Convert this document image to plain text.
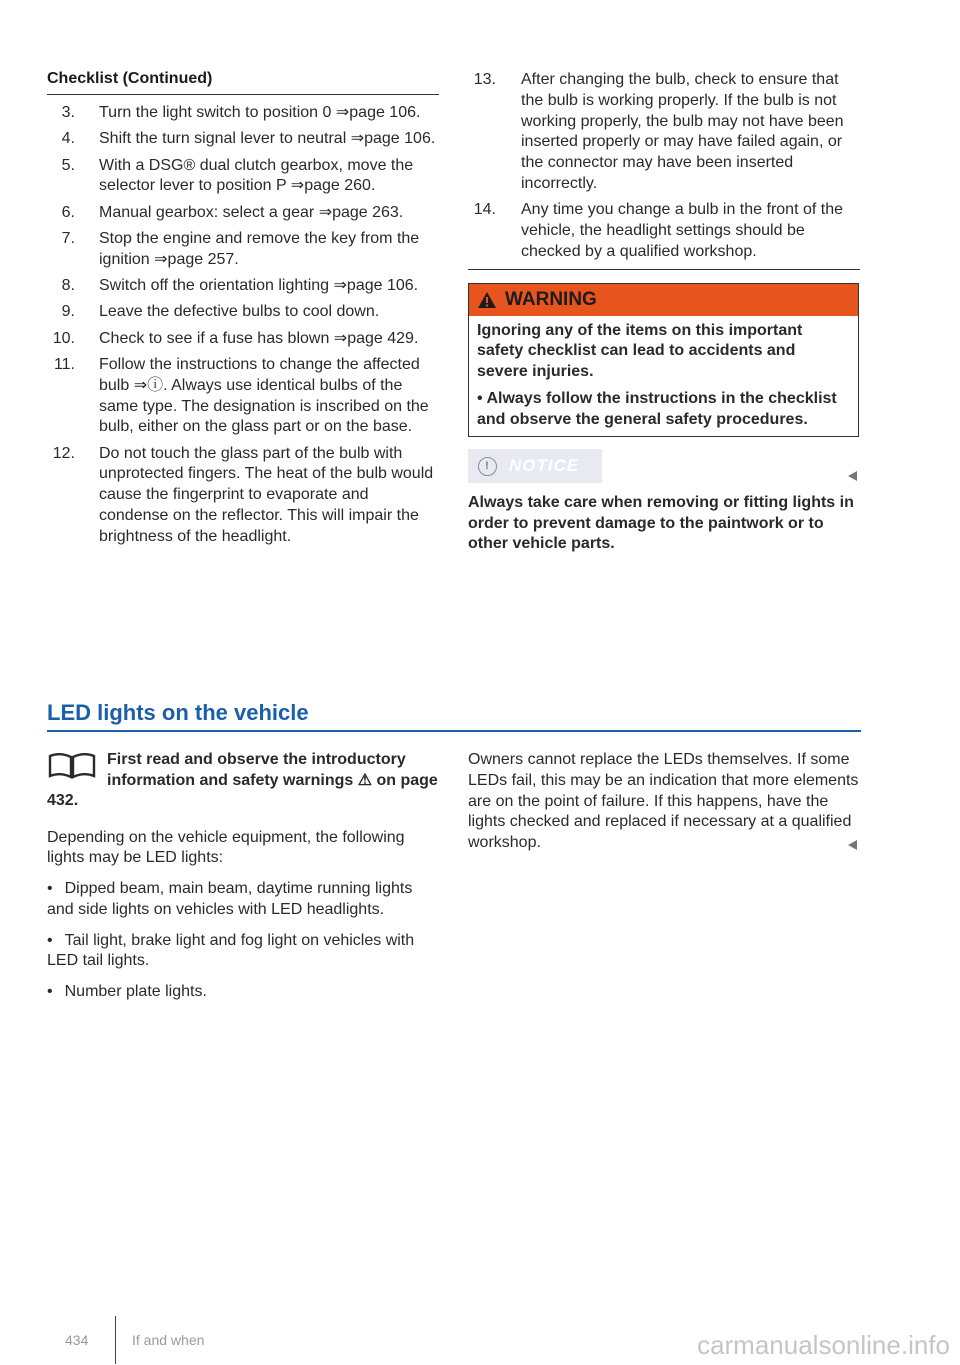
Checklist (Continued)
3. Turn the light switch to position 0 ⇒page 106.
4. Shift the turn signal lever to neutral ⇒page 106.
5. With a DSG® dual clutch gearbox, move the selector lever to position P ⇒page 260.
6. Manual gearbox: select a gear ⇒page 263.
7. Stop the engine and remove the key from the ignition ⇒page 257.
8. Switch off the orientation lighting ⇒page 106.
9. Leave the defective bulbs to cool down.
10. Check to see if a fuse has blown ⇒page 429.
11. Follow the instructions to change the affected bulb ⇒ⓘ. Always use identical bulbs of the same type. The designation is inscribed on the bulb, either on the glass part or on the base.
12. Do not touch the glass part of the bulb with unprotected fingers. The heat of the bulb would cause the fingerprint to evaporate and condense on the reflector. This will impair the brightness of the headlight.
13. After changing the bulb, check to ensure that the bulb is working properly. If the bulb is not working properly, the bulb may not have been inserted properly or may have failed again, or the connector may have been inserted incorrectly.
14. Any time you change a bulb in the front of the vehicle, the headlight settings should be checked by a qualified workshop.
WARNING

Ignoring any of the items on this important safety checklist can lead to accidents and severe injuries.

• Always follow the instructions in the checklist and observe the general safety procedures.

!	NOTICE

Always take care when removing or fitting lights in order to prevent damage to the paintwork or to other vehicle parts.

LED lights on the vehicle

First read and observe the introductory information and safety warnings ⚠ on page 432.

Depending on the vehicle equipment, the following lights may be LED lights:

• Dipped beam, main beam, daytime running lights and side lights on vehicles with LED headlights.

• Tail light, brake light and fog light on vehicles with LED tail lights.

• Number plate lights.

Owners cannot replace the LEDs themselves. If some LEDs fail, this may be an indication that more elements are on the point of failure. If this happens, have the lights checked and replaced if necessary at a qualified workshop.

434	If and when	carmanualsonline.info
